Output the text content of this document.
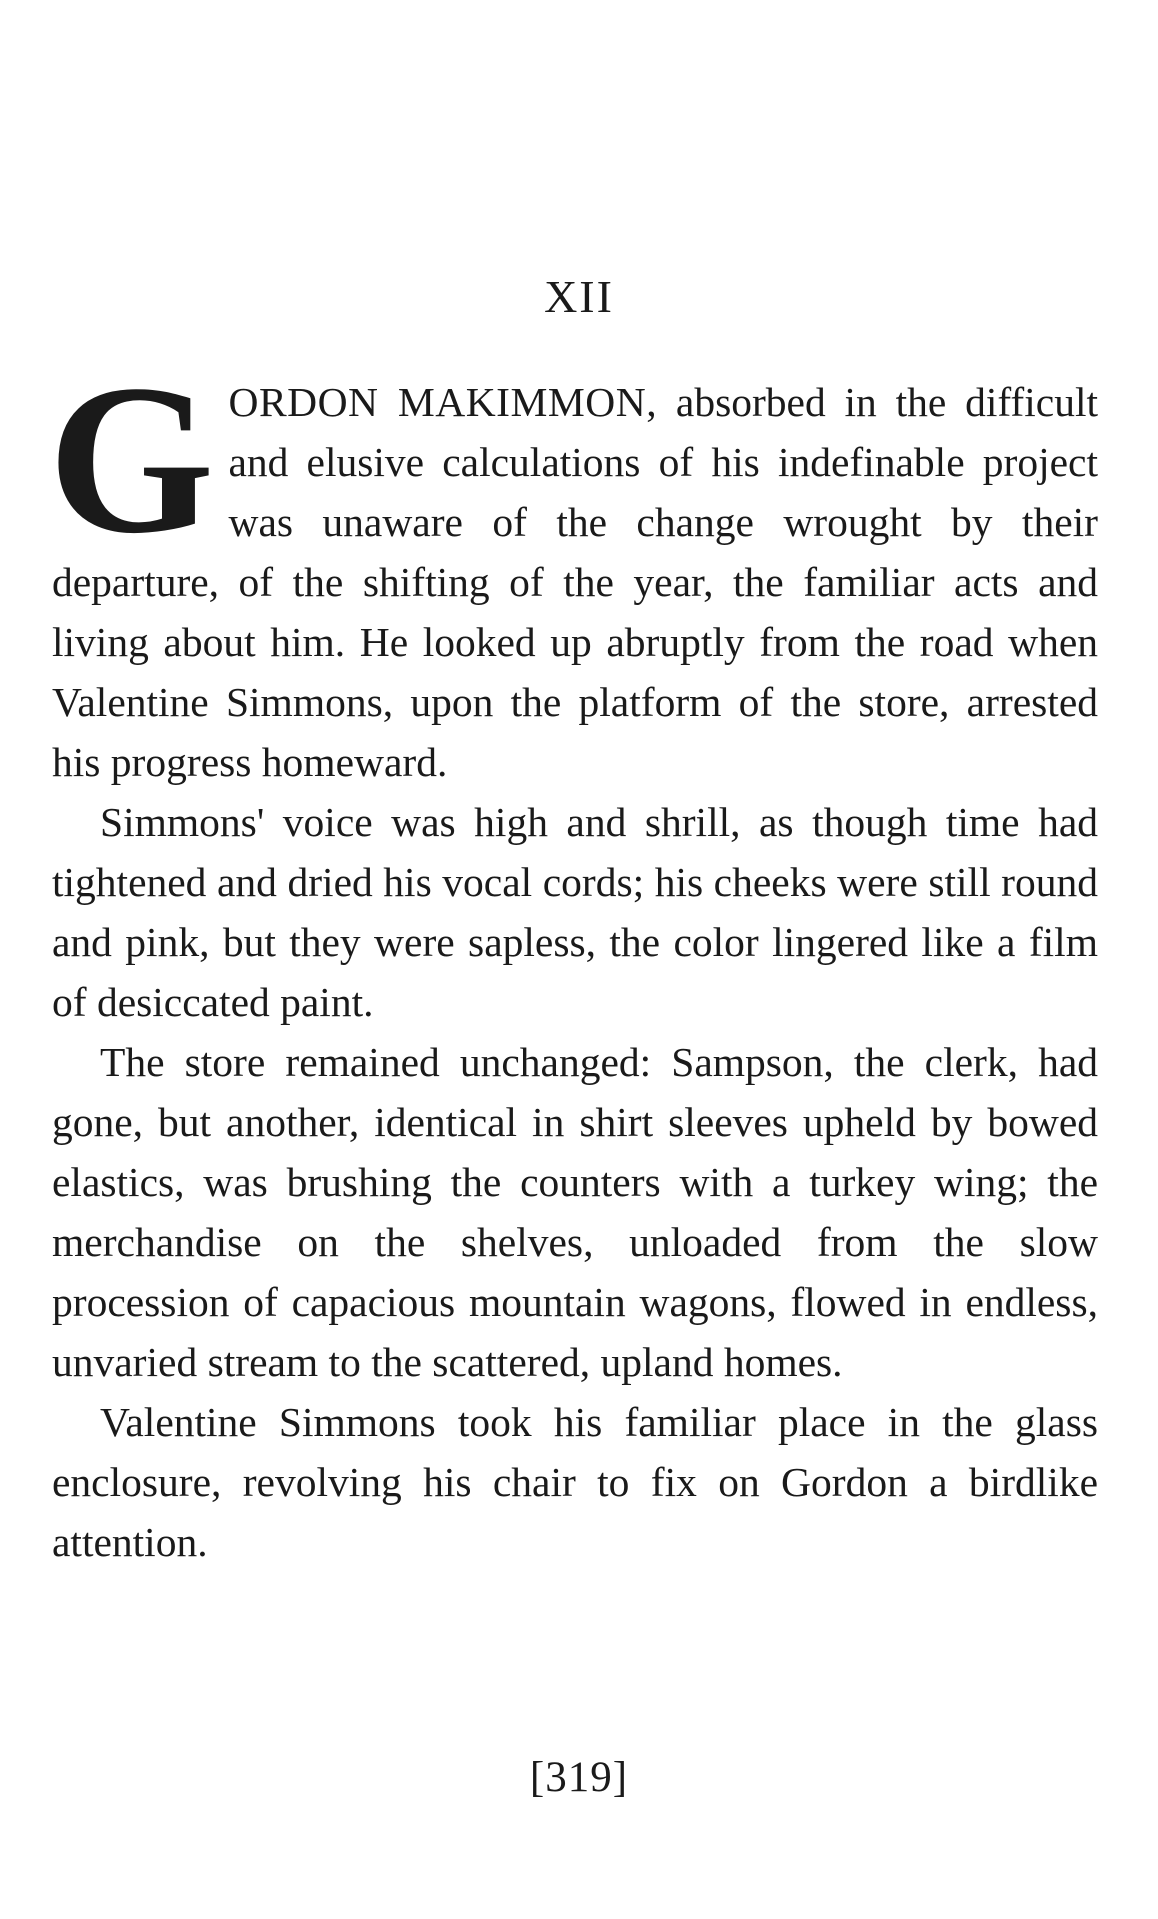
XII

GORDON MAKIMMON, absorbed in the difficult and elusive calculations of his indefinable project was unaware of the change wrought by their departure, of the shifting of the year, the familiar acts and living about him. He looked up abruptly from the road when Valentine Simmons, upon the platform of the store, arrested his progress homeward.

Simmons' voice was high and shrill, as though time had tightened and dried his vocal cords; his cheeks were still round and pink, but they were sapless, the color lingered like a film of desiccated paint.

The store remained unchanged: Sampson, the clerk, had gone, but another, identical in shirt sleeves upheld by bowed elastics, was brushing the counters with a turkey wing; the merchandise on the shelves, unloaded from the slow procession of capacious mountain wagons, flowed in endless, unvaried stream to the scattered, upland homes.

Valentine Simmons took his familiar place in the glass enclosure, revolving his chair to fix on Gordon a birdlike attention.

[319]
